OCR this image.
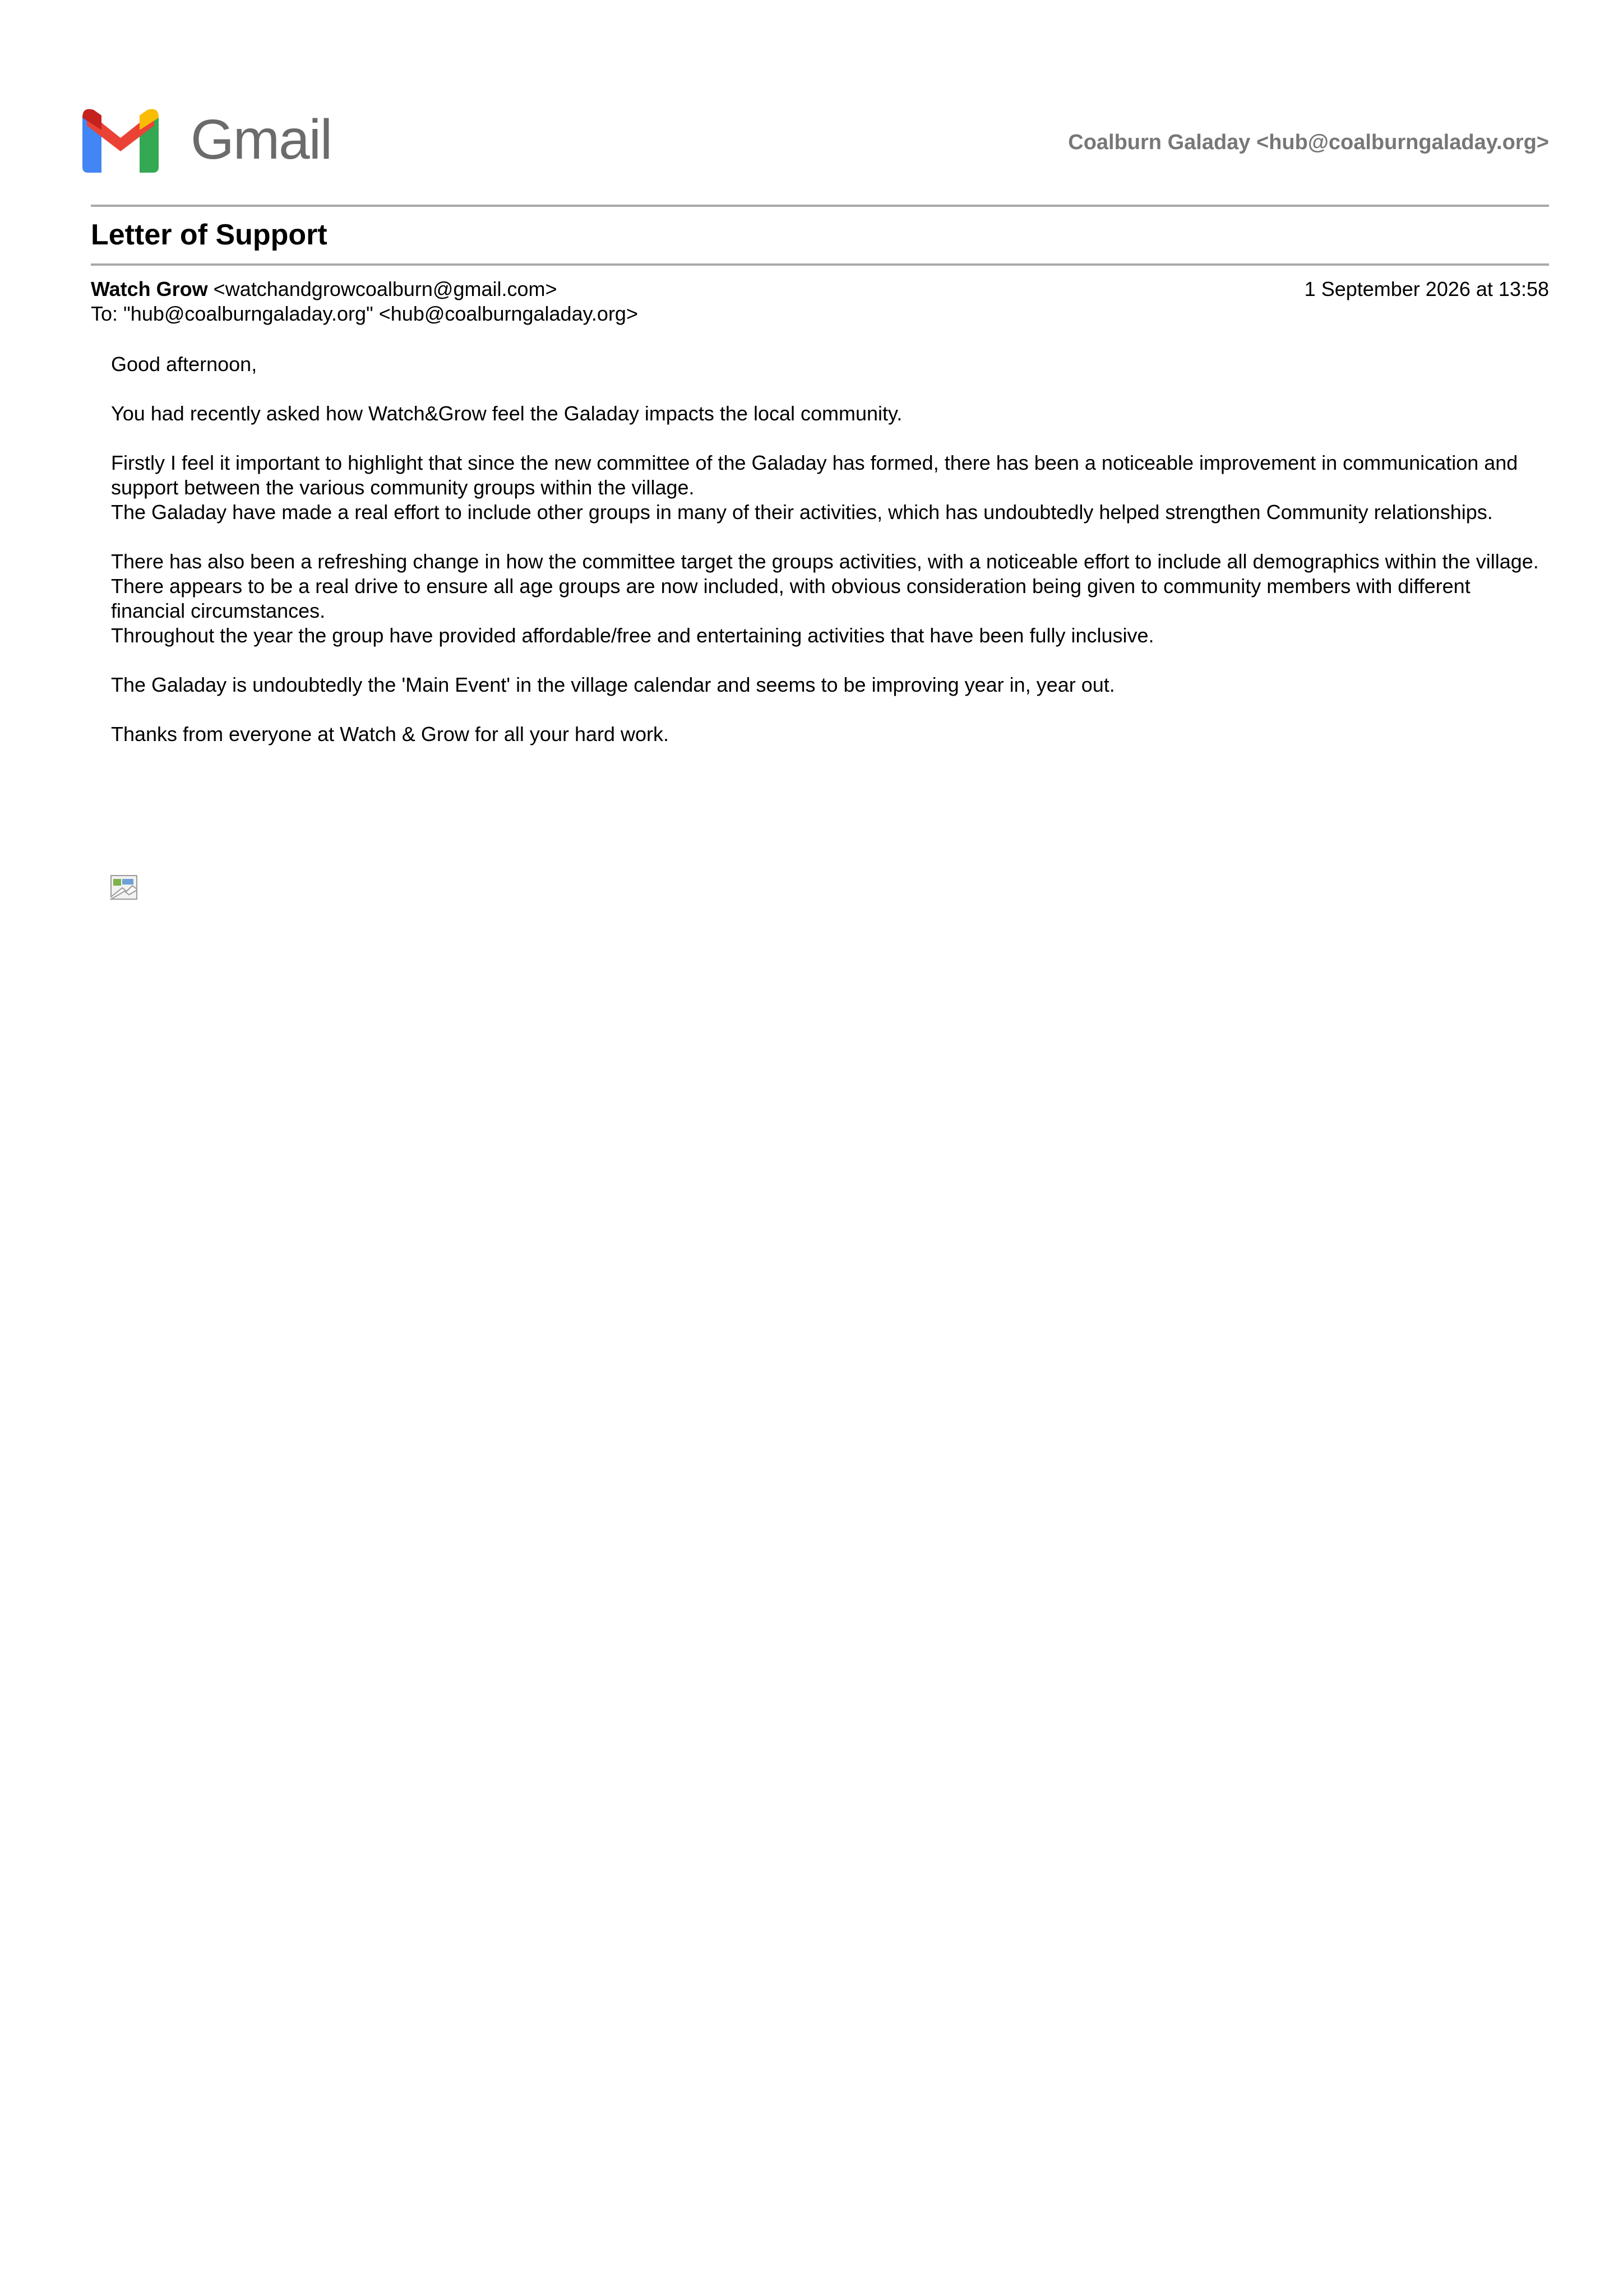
Gmail	Coalburn Galaday <hub@coalburngaladay.org>
Letter of Support
Watch Grow <watchandgrowcoalburn@gmail.com>	1 September 2026 at 13:58
To: "hub@coalburngaladay.org" <hub@coalburngaladay.org>

Good afternoon,

You had recently asked how Watch&Grow feel the Galaday impacts the local community.

Firstly I feel it important to highlight that since the new committee of the Galaday has formed, there has been a noticeable improvement in communication and support between the various community groups within the village.
The Galaday have made a real effort to include other groups in many of their activities, which has undoubtedly helped strengthen Community relationships.

There has also been a refreshing change in how the committee target the groups activities, with a noticeable effort to include all demographics within the village.
There appears to be a real drive to ensure all age groups are now included, with obvious consideration being given to community members with different financial circumstances.
Throughout the year the group have provided affordable/free and entertaining activities that have been fully inclusive.

The Galaday is undoubtedly the 'Main Event' in the village calendar and seems to be improving year in, year out.

Thanks from everyone at Watch & Grow for all your hard work.
